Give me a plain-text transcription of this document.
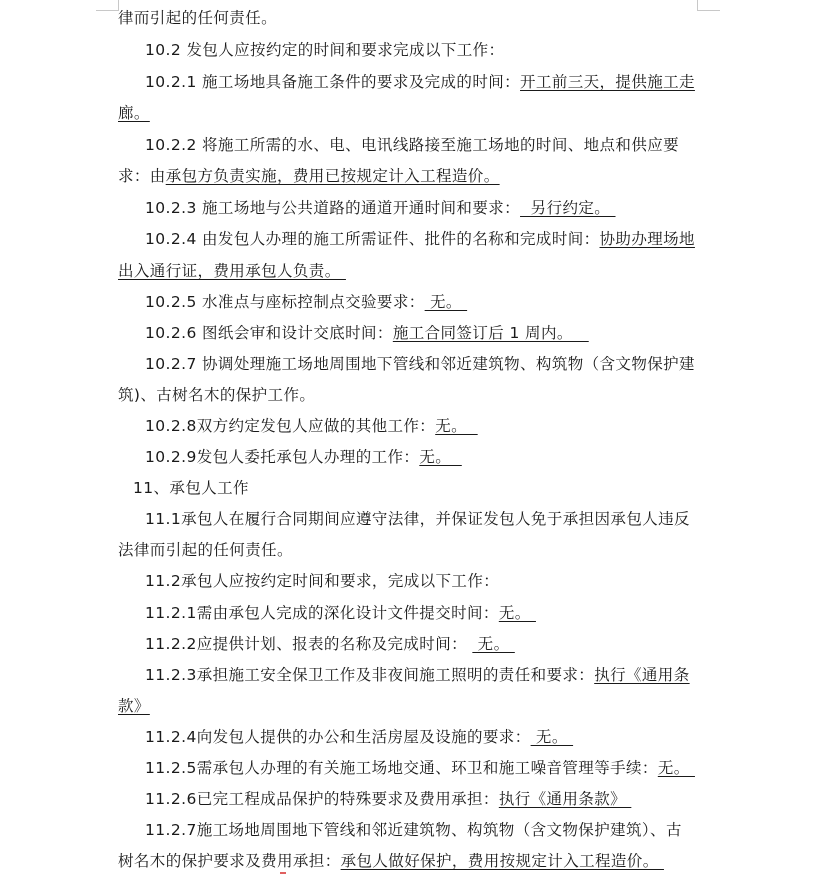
律而引起的任何责任。
10.2 发包人应按约定的时间和要求完成以下工作：
10.2.1 施工场地具备施工条件的要求及完成的时间：开工前三天，提供施工走
廊。
10.2.2 将施工所需的水、电、电讯线路接至施工场地的时间、地点和供应要
求：由承包方负责实施，费用已按规定计入工程造价。
10.2.3 施工场地与公共道路的通道开通时间和要求：  另行约定。
10.2.4 由发包人办理的施工所需证件、批件的名称和完成时间：协助办理场地
出入通行证，费用承包人负责。
10.2.5 水准点与座标控制点交验要求： 无。
10.2.6 图纸会审和设计交底时间：施工合同签订后 1 周内。
10.2.7 协调处理施工场地周围地下管线和邻近建筑物、构筑物（含文物保护建
筑)、古树名木的保护工作。
10.2.8双方约定发包人应做的其他工作：无。
10.2.9发包人委托承包人办理的工作：无。
11、承包人工作
11.1承包人在履行合同期间应遵守法律，并保证发包人免于承担因承包人违反
法律而引起的任何责任。
11.2承包人应按约定时间和要求，完成以下工作：
11.2.1需由承包人完成的深化设计文件提交时间：无。
11.2.2应提供计划、报表的名称及完成时间：  无。
11.2.3承担施工安全保卫工作及非夜间施工照明的责任和要求：执行《通用条
款》
11.2.4向发包人提供的办公和生活房屋及设施的要求： 无。
11.2.5需承包人办理的有关施工场地交通、环卫和施工噪音管理等手续：无。
11.2.6已完工程成品保护的特殊要求及费用承担：执行《通用条款》
11.2.7施工场地周围地下管线和邻近建筑物、构筑物（含文物保护建筑）、古
树名木的保护要求及费用承担：承包人做好保护，费用按规定计入工程造价。
